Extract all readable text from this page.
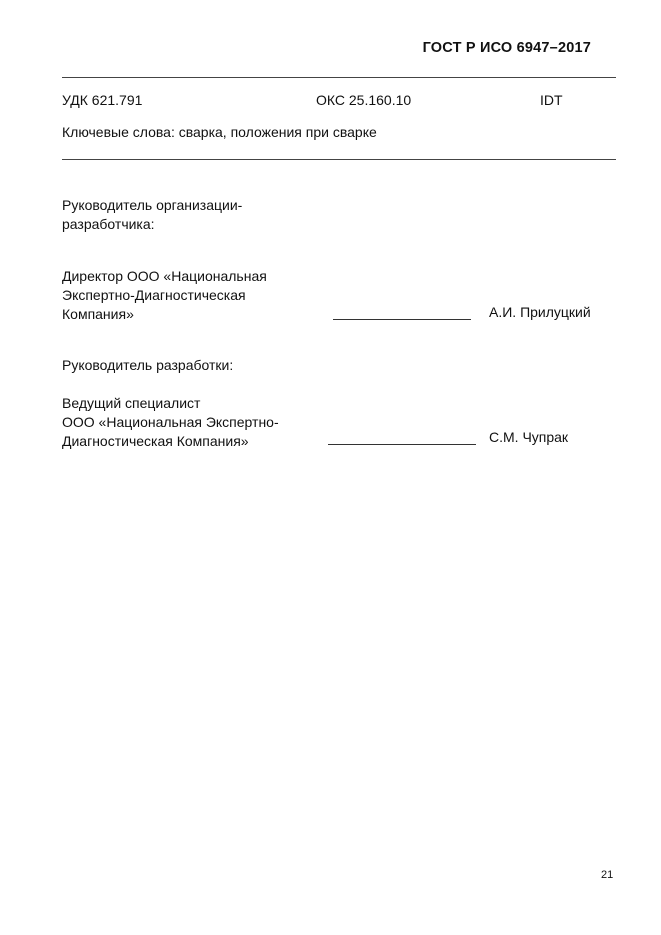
ГОСТ Р ИСО 6947–2017
УДК 621.791	ОКС 25.160.10	IDT
Ключевые слова: сварка, положения при сварке
Руководитель организации-
разработчика:
Директор ООО «Национальная
Экспертно-Диагностическая
Компания»	А.И. Прилуцкий
Руководитель разработки:
Ведущий специалист
ООО «Национальная Экспертно-
Диагностическая Компания»	С.М. Чупрак
21
